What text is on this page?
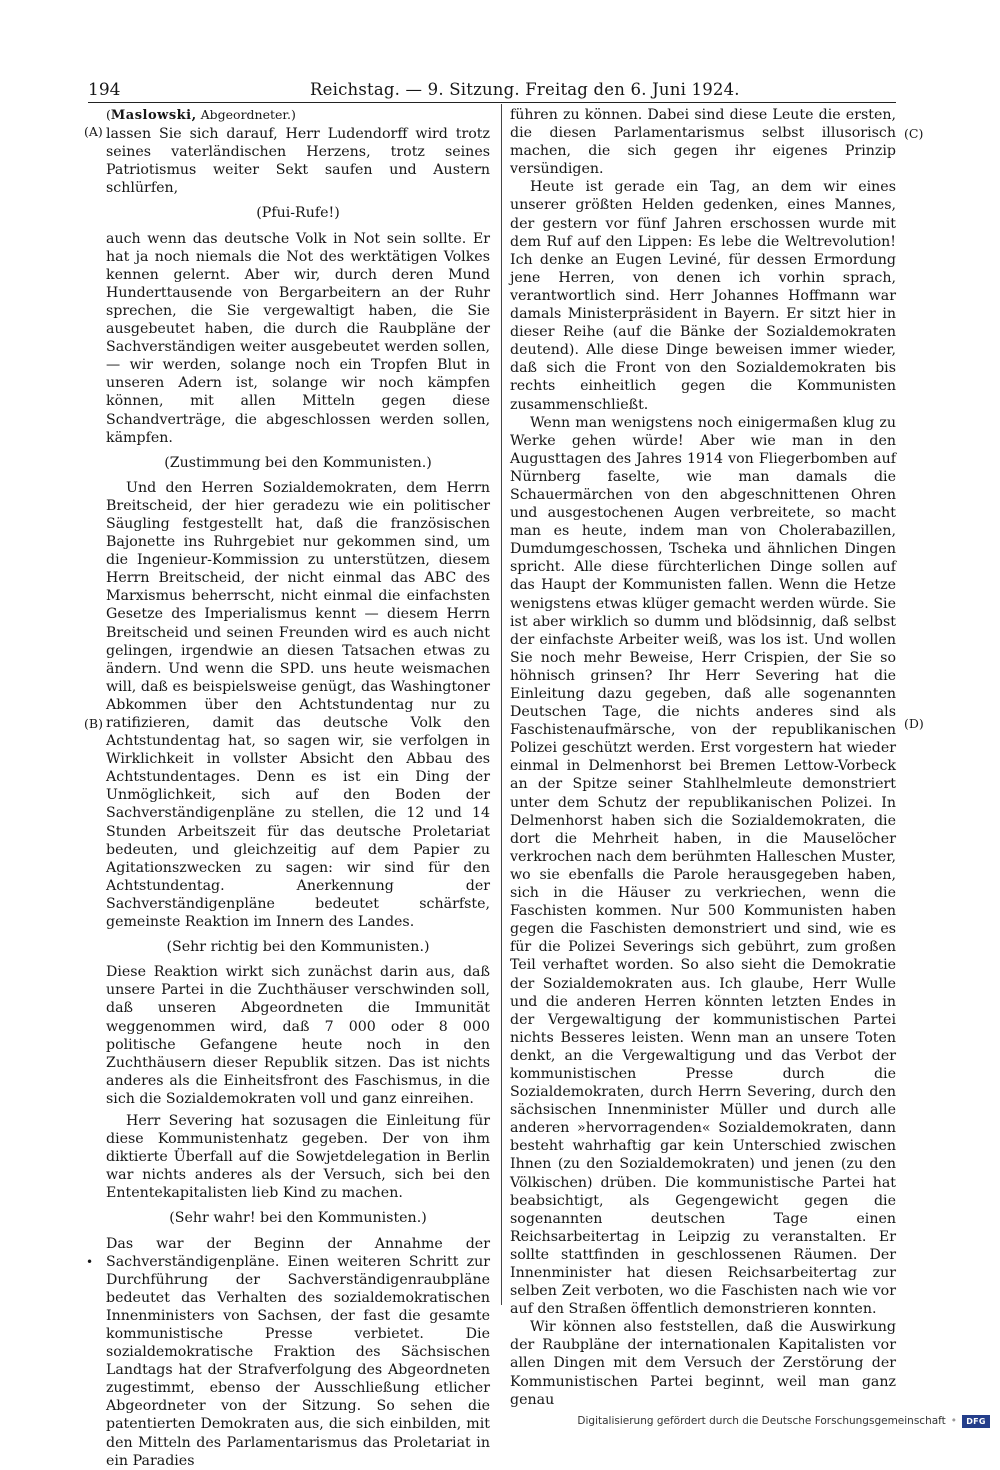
194	Reichstag. — 9. Sitzung. Freitag den 6. Juni 1924.
(A)
(B)
(C)
(D)
•

(Maslowski, Abgeordneter.)

lassen Sie sich darauf, Herr Ludendorff wird trotz seines vaterländischen Herzens, trotz seines Patriotismus weiter Sekt saufen und Austern schlürfen,

(Pfui-Rufe!)

auch wenn das deutsche Volk in Not sein sollte. Er hat ja noch niemals die Not des werktätigen Volkes kennen gelernt. Aber wir, durch deren Mund Hunderttausende von Bergarbeitern an der Ruhr sprechen, die Sie vergewaltigt haben, die Sie ausgebeutet haben, die durch die Raubpläne der Sachverständigen weiter ausgebeutet werden sollen, — wir werden, solange noch ein Tropfen Blut in unseren Adern ist, solange wir noch kämpfen können, mit allen Mitteln gegen diese Schandverträge, die abgeschlossen werden sollen, kämpfen.

(Zustimmung bei den Kommunisten.)

Und den Herren Sozialdemokraten, dem Herrn Breitscheid, der hier geradezu wie ein politischer Säugling festgestellt hat, daß die französischen Bajonette ins Ruhrgebiet nur gekommen sind, um die Ingenieur-Kommission zu unterstützen, diesem Herrn Breitscheid, der nicht einmal das ABC des Marxismus beherrscht, nicht einmal die einfachsten Gesetze des Imperialismus kennt — diesem Herrn Breitscheid und seinen Freunden wird es auch nicht gelingen, irgendwie an diesen Tatsachen etwas zu ändern. Und wenn die SPD. uns heute weismachen will, daß es beispielsweise genügt, das Washingtoner Abkommen über den Achtstundentag nur zu ratifizieren, damit das deutsche Volk den Achtstundentag hat, so sagen wir, sie verfolgen in Wirklichkeit in vollster Absicht den Abbau des Achtstundentages. Denn es ist ein Ding der Unmöglichkeit, sich auf den Boden der Sachverständigenpläne zu stellen, die 12 und 14 Stunden Arbeitszeit für das deutsche Proletariat bedeuten, und gleichzeitig auf dem Papier zu Agitationszwecken zu sagen: wir sind für den Achtstundentag. Anerkennung der Sachverständigenpläne bedeutet schärfste, gemeinste Reaktion im Innern des Landes.

(Sehr richtig bei den Kommunisten.)

Diese Reaktion wirkt sich zunächst darin aus, daß unsere Partei in die Zuchthäuser verschwinden soll, daß unseren Abgeordneten die Immunität weggenommen wird, daß 7 000 oder 8 000 politische Gefangene heute noch in den Zuchthäusern dieser Republik sitzen. Das ist nichts anderes als die Einheitsfront des Faschismus, in die sich die Sozialdemokraten voll und ganz einreihen.

Herr Severing hat sozusagen die Einleitung für diese Kommunistenhatz gegeben. Der von ihm diktierte Überfall auf die Sowjetdelegation in Berlin war nichts anderes als der Versuch, sich bei den Ententekapitalisten lieb Kind zu machen.

(Sehr wahr! bei den Kommunisten.)

Das war der Beginn der Annahme der Sachverständigenpläne. Einen weiteren Schritt zur Durchführung der Sachverständigenraubpläne bedeutet das Verhalten des sozialdemokratischen Innenministers von Sachsen, der fast die gesamte kommunistische Presse verbietet. Die sozialdemokratische Fraktion des Sächsischen Landtags hat der Strafverfolgung des Abgeordneten zugestimmt, ebenso der Ausschließung etlicher Abgeordneter von der Sitzung. So sehen die patentierten Demokraten aus, die sich einbilden, mit den Mitteln des Parlamentarismus das Proletariat in ein Paradies

führen zu können. Dabei sind diese Leute die ersten, die diesen Parlamentarismus selbst illusorisch machen, die sich gegen ihr eigenes Prinzip versündigen.

Heute ist gerade ein Tag, an dem wir eines unserer größten Helden gedenken, eines Mannes, der gestern vor fünf Jahren erschossen wurde mit dem Ruf auf den Lippen: Es lebe die Weltrevolution! Ich denke an Eugen Leviné, für dessen Ermordung jene Herren, von denen ich vorhin sprach, verantwortlich sind. Herr Johannes Hoffmann war damals Ministerpräsident in Bayern. Er sitzt hier in dieser Reihe (auf die Bänke der Sozialdemokraten deutend). Alle diese Dinge beweisen immer wieder, daß sich die Front von den Sozialdemokraten bis rechts einheitlich gegen die Kommunisten zusammenschließt.

Wenn man wenigstens noch einigermaßen klug zu Werke gehen würde! Aber wie man in den Augusttagen des Jahres 1914 von Fliegerbomben auf Nürnberg faselte, wie man damals die Schauermärchen von den abgeschnittenen Ohren und ausgestochenen Augen verbreitete, so macht man es heute, indem man von Cholerabazillen, Dumdumgeschossen, Tscheka und ähnlichen Dingen spricht. Alle diese fürchterlichen Dinge sollen auf das Haupt der Kommunisten fallen. Wenn die Hetze wenigstens etwas klüger gemacht werden würde. Sie ist aber wirklich so dumm und blödsinnig, daß selbst der einfachste Arbeiter weiß, was los ist. Und wollen Sie noch mehr Beweise, Herr Crispien, der Sie so höhnisch grinsen? Ihr Herr Severing hat die Einleitung dazu gegeben, daß alle sogenannten Deutschen Tage, die nichts anderes sind als Faschistenaufmärsche, von der republikanischen Polizei geschützt werden. Erst vorgestern hat wieder einmal in Delmenhorst bei Bremen Lettow-Vorbeck an der Spitze seiner Stahlhelmleute demonstriert unter dem Schutz der republikanischen Polizei. In Delmenhorst haben sich die Sozialdemokraten, die dort die Mehrheit haben, in die Mauselöcher verkrochen nach dem berühmten Halleschen Muster, wo sie ebenfalls die Parole herausgegeben haben, sich in die Häuser zu verkriechen, wenn die Faschisten kommen. Nur 500 Kommunisten haben gegen die Faschisten demonstriert und sind, wie es für die Polizei Severings sich gebührt, zum großen Teil verhaftet worden. So also sieht die Demokratie der Sozialdemokraten aus. Ich glaube, Herr Wulle und die anderen Herren könnten letzten Endes in der Vergewaltigung der kommunistischen Partei nichts Besseres leisten. Wenn man an unsere Toten denkt, an die Vergewaltigung und das Verbot der kommunistischen Presse durch die Sozialdemokraten, durch Herrn Severing, durch den sächsischen Innenminister Müller und durch alle anderen »hervorragenden« Sozialdemokraten, dann besteht wahrhaftig gar kein Unterschied zwischen Ihnen (zu den Sozialdemokraten) und jenen (zu den Völkischen) drüben. Die kommunistische Partei hat beabsichtigt, als Gegengewicht gegen die sogenannten deutschen Tage einen Reichsarbeitertag in Leipzig zu veranstalten. Er sollte stattfinden in geschlossenen Räumen. Der Innenminister hat diesen Reichsarbeitertag zur selben Zeit verboten, wo die Faschisten nach wie vor auf den Straßen öffentlich demonstrieren konnten.

Wir können also feststellen, daß die Auswirkung der Raubpläne der internationalen Kapitalisten vor allen Dingen mit dem Versuch der Zerstörung der Kommunistischen Partei beginnt, weil man ganz genau

Digitalisierung gefördert durch die Deutsche Forschungsgemeinschaft •	DFG
